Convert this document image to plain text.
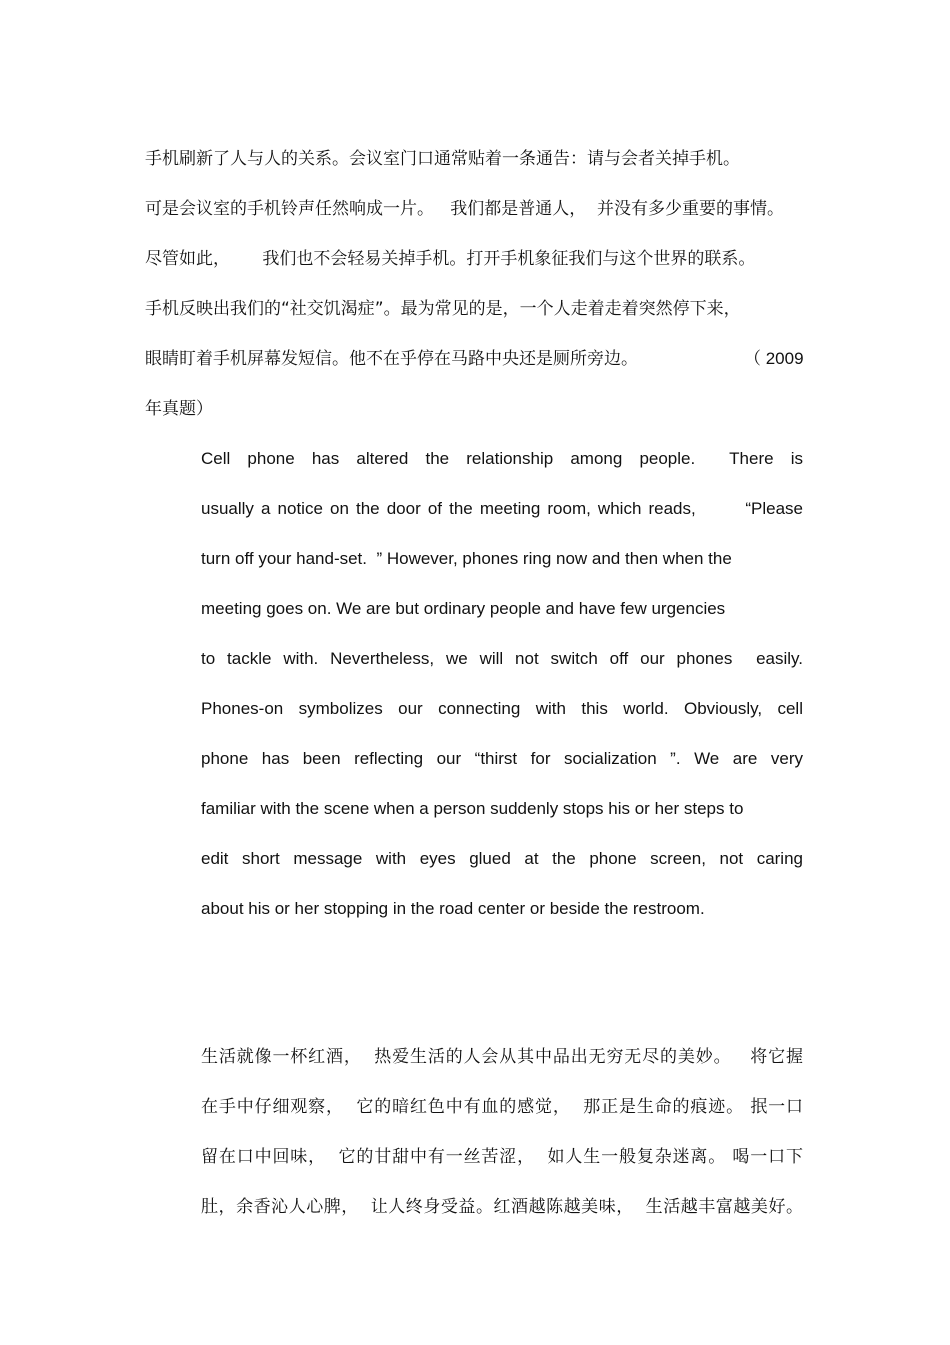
手机刷新了人与人的关系。会议室门口通常贴着一条通告：请与会者关掉手机。

可是会议室的手机铃声任然响成一片。   我们都是普通人，  并没有多少重要的事情。

尽管如此，      我们也不会轻易关掉手机。打开手机象征我们与这个世界的联系。

手机反映出我们的“社交饥渴症”。最为常见的是，一个人走着走着突然停下来，

眼睛盯着手机屏幕发短信。他不在乎停在马路中央还是厕所旁边。	（ 2009

年真题）

Cell phone has altered the relationship among people.  There is

usually a notice on the door of the meeting room, which reads,       “Please

turn off your hand-set.  ” However, phones ring now and then when the

meeting goes on. We are but ordinary people and have few urgencies

to tackle with. Nevertheless, we will not switch off our phones  easily.

Phones-on symbolizes our connecting with this world. Obviously, cell

phone has been reflecting our “thirst for socialization ”. We are very

familiar with the scene when a person suddenly stops his or her steps to

edit short message with eyes glued at the phone screen, not caring

about his or her stopping in the road center or beside the restroom.

生活就像一杯红酒，  热爱生活的人会从其中品出无穷无尽的美妙。   将它握

在手中仔细观察，  它的暗红色中有血的感觉，  那正是生命的痕迹。 抿一口

留在口中回味，  它的甘甜中有一丝苦涩，  如人生一般复杂迷离。 喝一口下

肚，余香沁人心脾，  让人终身受益。红酒越陈越美味，  生活越丰富越美好。
